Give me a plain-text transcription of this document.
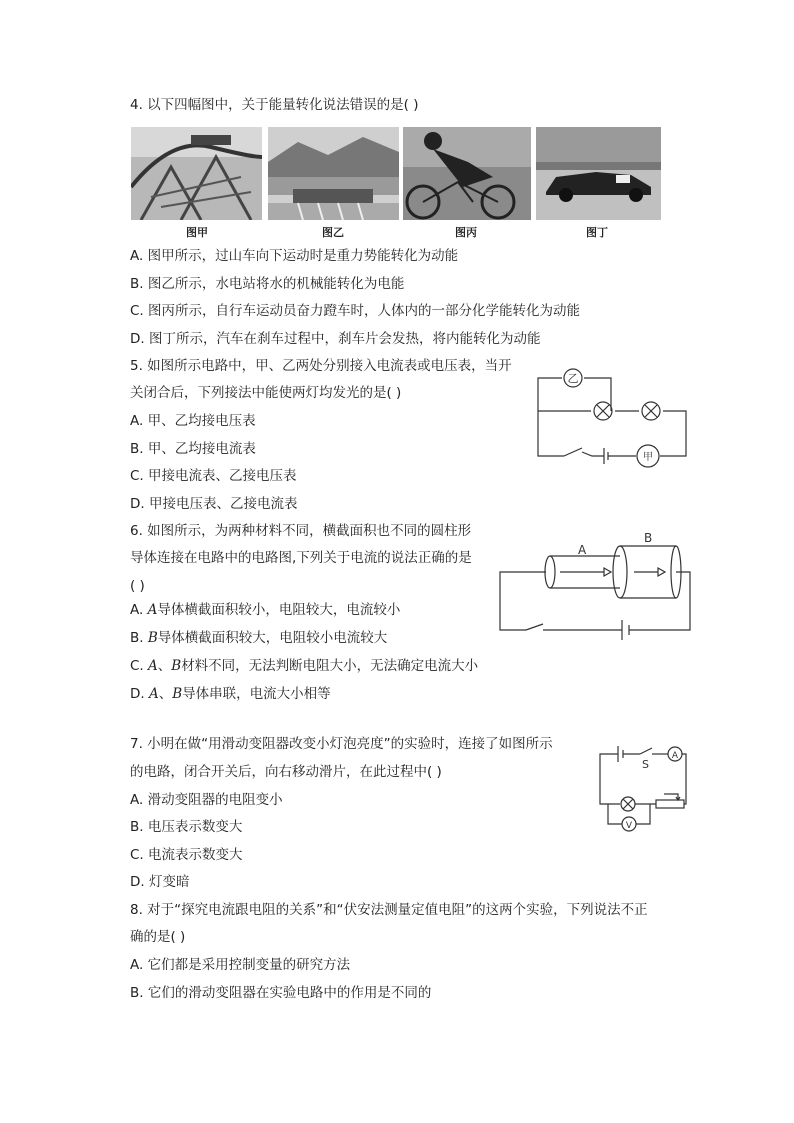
4. 以下四幅图中，关于能量转化说法错误的是( )
图甲	图乙	图丙	图丁
A. 图甲所示，过山车向下运动时是重力势能转化为动能
B. 图乙所示，水电站将水的机械能转化为电能
C. 图丙所示，自行车运动员奋力蹬车时，人体内的一部分化学能转化为动能
D. 图丁所示，汽车在刹车过程中，刹车片会发热，将内能转化为动能
5. 如图所示电路中，甲、乙两处分别接入电流表或电压表，当开
关闭合后，下列接法中能使两灯均发光的是( )
A. 甲、乙均接电压表
B. 甲、乙均接电流表
C. 甲接电流表、乙接电压表
D. 甲接电压表、乙接电流表
乙
甲
6. 如图所示，为两种材料不同，横截面积也不同的圆柱形
导体连接在电路中的电路图,下列关于电流的说法正确的是
( )
A. A导体横截面积较小，电阻较大，电流较小
B. B导体横截面积较大，电阻较小电流较大
C. A、B材料不同，无法判断电阻大小，无法确定电流大小
D. A、B导体串联，电流大小相等
A
B
7. 小明在做“用滑动变阻器改变小灯泡亮度”的实验时，连接了如图所示
的电路，闭合开关后，向右移动滑片，在此过程中( )
A. 滑动变阻器的电阻变小
B. 电压表示数变大
C. 电流表示数变大
D. 灯变暗
A
S
V
8. 对于“探究电流跟电阻的关系”和“伏安法测量定值电阻”的这两个实验，下列说法不正
确的是( )
A. 它们都是采用控制变量的研究方法
B. 它们的滑动变阻器在实验电路中的作用是不同的
